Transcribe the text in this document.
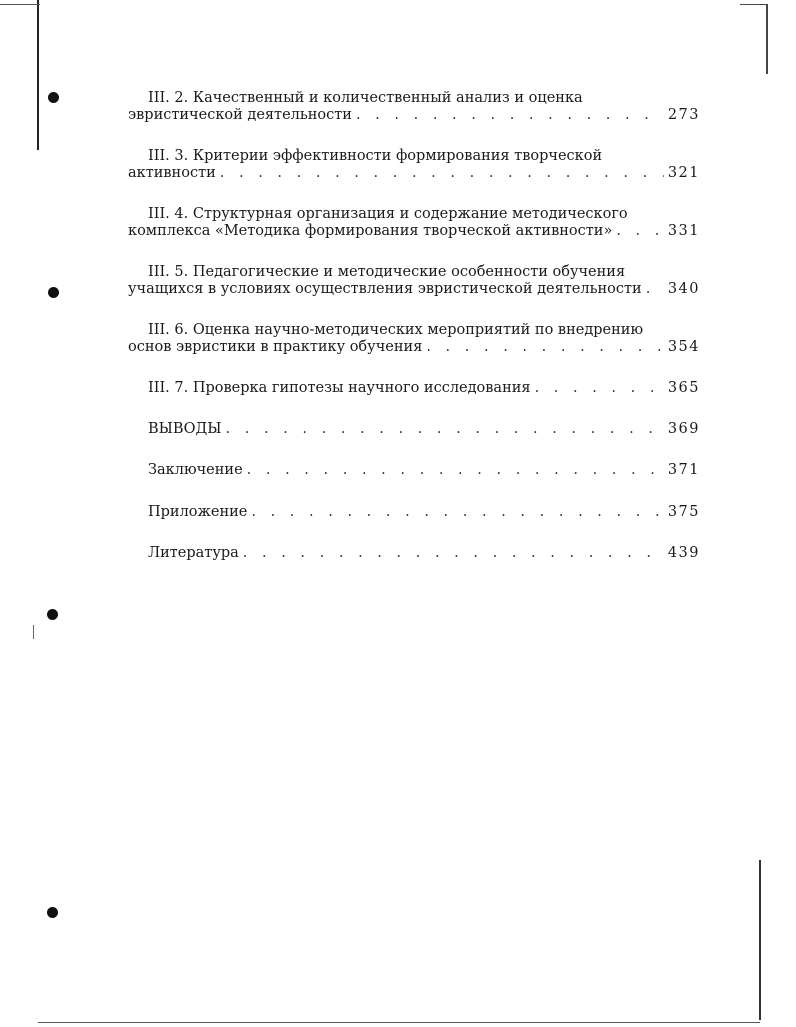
III. 2. Качественный и количественный анализ и оценка
эвристической деятельности . . .	273
III. 3. Критерии эффективности формирования творческой
активности . . .	321
III. 4. Структурная организация и содержание методического
комплекса «Методика формирования творческой активности» . . .	331
III. 5. Педагогические и методические особенности обучения
учащихся в условиях осуществления эвристической деятельности . . . 340
III. 6. Оценка научно-методических мероприятий по внедрению
основ эвристики в практику обучения . . .	354
III. 7. Проверка гипотезы научного исследования . . .	365
ВЫВОДЫ . . .	369
Заключение . . .	371
Приложение . . .	375
Литература . . .	439
